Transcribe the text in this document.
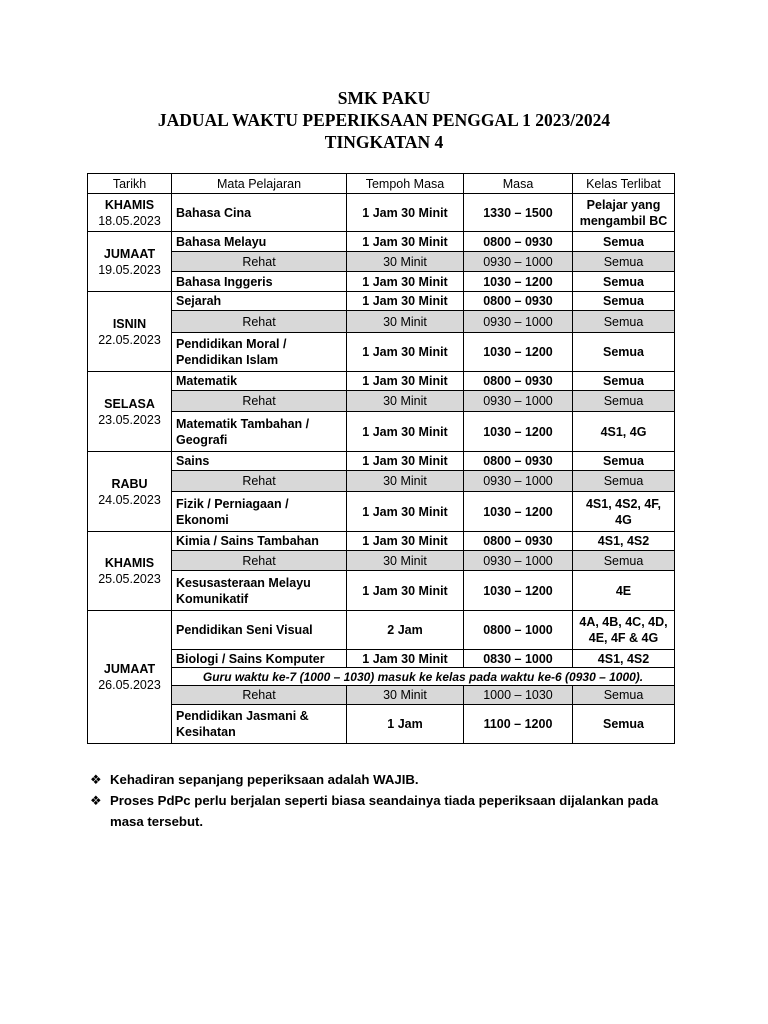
SMK PAKU
JADUAL WAKTU PEPERIKSAAN PENGGAL 1 2023/2024
TINGKATAN 4
Tarikh	Mata Pelajaran	Tempoh Masa	Masa	Kelas Terlibat

KHAMIS
18.05.2023	Bahasa Cina	1 Jam 30 Minit	1330 – 1500	Pelajar yang mengambil BC

JUMAAT
19.05.2023	Bahasa Melayu	1 Jam 30 Minit	0800 – 0930	Semua
	Rehat	30 Minit	0930 – 1000	Semua
	Bahasa Inggeris	1 Jam 30 Minit	1030 – 1200	Semua

ISNIN
22.05.2023	Sejarah	1 Jam 30 Minit	0800 – 0930	Semua
	Rehat	30 Minit	0930 – 1000	Semua
	Pendidikan Moral / Pendidikan Islam	1 Jam 30 Minit	1030 – 1200	Semua

SELASA
23.05.2023	Matematik	1 Jam 30 Minit	0800 – 0930	Semua
	Rehat	30 Minit	0930 – 1000	Semua
	Matematik Tambahan / Geografi	1 Jam 30 Minit	1030 – 1200	4S1, 4G

RABU
24.05.2023	Sains	1 Jam 30 Minit	0800 – 0930	Semua
	Rehat	30 Minit	0930 – 1000	Semua
	Fizik / Perniagaan / Ekonomi	1 Jam 30 Minit	1030 – 1200	4S1, 4S2, 4F, 4G

KHAMIS
25.05.2023	Kimia / Sains Tambahan	1 Jam 30 Minit	0800 – 0930	4S1, 4S2
	Rehat	30 Minit	0930 – 1000	Semua
	Kesusasteraan Melayu Komunikatif	1 Jam 30 Minit	1030 – 1200	4E

JUMAAT
26.05.2023	Pendidikan Seni Visual	2 Jam	0800 – 1000	4A, 4B, 4C, 4D, 4E, 4F & 4G
	Biologi / Sains Komputer	1 Jam 30 Minit	0830 – 1000	4S1, 4S2
	Guru waktu ke-7 (1000 – 1030) masuk ke kelas pada waktu ke-6 (0930 – 1000).			
	Rehat	30 Minit	1000 – 1030	Semua
	Pendidikan Jasmani & Kesihatan	1 Jam	1100 – 1200	Semua
❖ Kehadiran sepanjang peperiksaan adalah WAJIB.
❖ Proses PdPc perlu berjalan seperti biasa seandainya tiada peperiksaan dijalankan pada masa tersebut.
